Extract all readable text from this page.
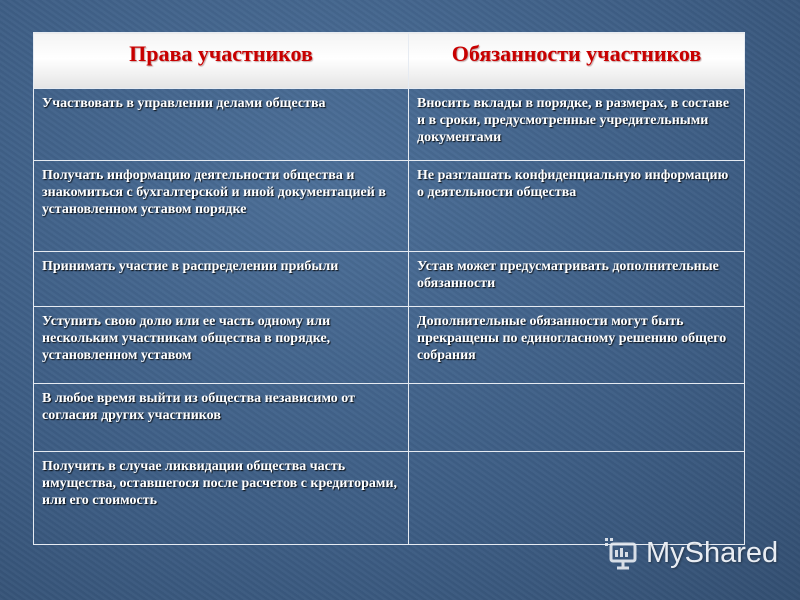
Права участников	Обязанности участников
Участвовать в управлении делами общества	Вносить вклады в порядке, в размерах, в составе и в сроки, предусмотренные учредительными документами
Получать информацию деятельности общества и знакомиться с бухгалтерской и иной документацией в установленном уставом порядке	Не разглашать конфиденциальную информацию о деятельности общества
Принимать участие в распределении прибыли	Устав может предусматривать дополнительные обязанности
Уступить свою долю или ее часть одному или нескольким участникам общества в порядке, установленном уставом	Дополнительные обязанности могут быть прекращены по единогласному решению общего собрания
В любое время выйти из общества независимо от согласия других участников	
Получить в случае ликвидации общества часть имущества, оставшегося после расчетов с кредиторами, или его стоимость	
MyShared
